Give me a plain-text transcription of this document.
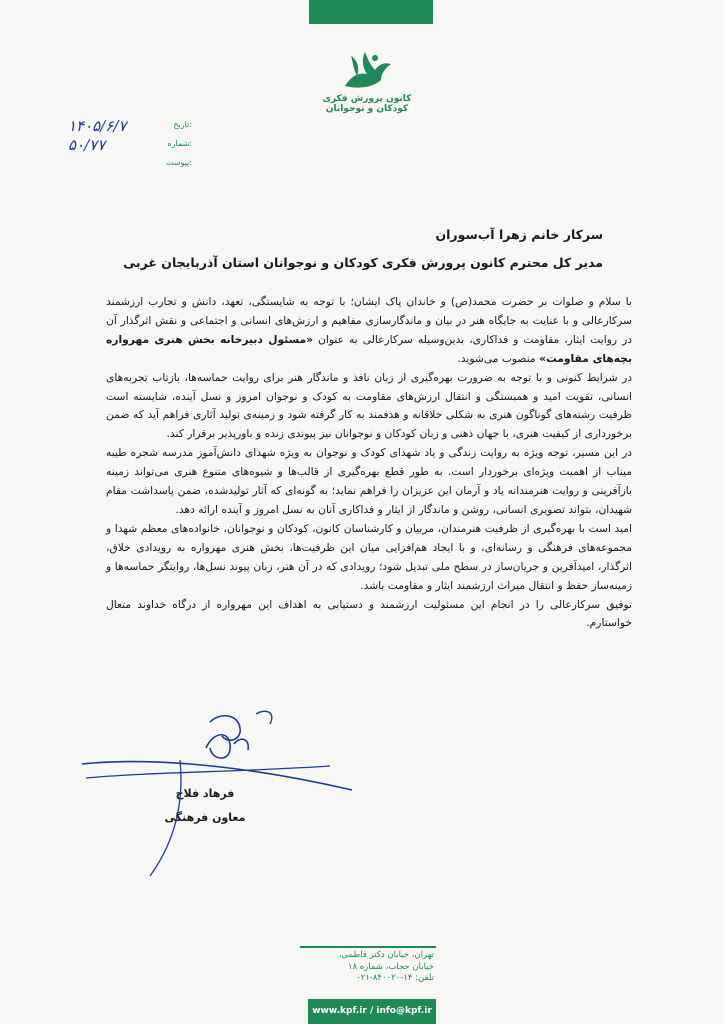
کانون پرورش فکری
کودکان و نوجوانان
۱۴۰۵/۶/۷	تاریخ:
۵۰/۷۷	شماره:
پیوست:
سرکار خانم زهرا آب‌سوران
مدیر کل محترم کانون پرورش فکری کودکان و نوجوانان استان آذربایجان غربی

با سلام و صلوات بر حضرت محمد(ص) و خاندان پاک ایشان؛ با توجه به شایستگی، تعهد، دانش و تجارب ارزشمند سرکارعالی و با عنایت به جایگاه هنر در بیان و ماندگارسازی مفاهیم و ارزش‌های انسانی و اجتماعی و نقش اثرگذار آن در روایت ایثار، مقاومت و فداکاری، بدین‌وسیله سرکارعالی به عنوان «مسئول دبیرخانه بخش هنری مهرواره بچه‌های مقاومت» منصوب می‌شوید.

در شرایط کنونی و با توجه به ضرورت بهره‌گیری از زبان نافذ و ماندگار هنر برای روایت حماسه‌ها، بازتاب تجربه‌های انسانی، تقویت امید و همبستگی و انتقال ارزش‌های مقاومت به کودک و نوجوان امروز و نسل آینده، شایسته است ظرفیت رشته‌های گوناگون هنری به شکلی خلاقانه و هدفمند به کار گرفته شود و زمینه‌ی تولید آثاری فراهم آید که ضمن برخورداری از کیفیت هنری، با جهان ذهنی و زبان کودکان و نوجوانان نیز پیوندی زنده و باورپذیر برقرار کند.

در این مسیر، توجه ویژه به روایت زندگی و یاد شهدای کودک و نوجوان به ویژه شهدای دانش‌آموز مدرسه شجره طیبه میناب از اهمیت ویژه‌ای برخوردار است. به طور قطع بهره‌گیری از قالب‌ها و شیوه‌های متنوع هنری می‌تواند زمینه بازآفرینی و روایت هنرمندانه یاد و آرمان این عزیزان را فراهم نماید؛ به گونه‌ای که آثار تولیدشده، ضمن پاسداشت مقام شهیدان، بتواند تصویری انسانی، روشن و ماندگار از ایثار و فداکاری آنان به نسل امروز و آینده ارائه دهد.

امید است با بهره‌گیری از ظرفیت هنرمندان، مربیان و کارشناسان کانون، کودکان و نوجوانان، خانواده‌های معظم شهدا و مجموعه‌های فرهنگی و رسانه‌ای، و با ایجاد هم‌افزایی میان این ظرفیت‌ها، بخش هنری مهرواره به رویدادی خلاق، اثرگذار، امیدآفرین و جریان‌ساز در سطح ملی تبدیل شود؛ رویدادی که در آن هنر، زبان پیوند نسل‌ها، روایتگر حماسه‌ها و زمینه‌ساز حفظ و انتقال میراث ارزشمند ایثار و مقاومت باشد.

توفیق سرکارعالی را در انجام این مسئولیت ارزشمند و دستیابی به اهداف این مهرواره از درگاه خداوند متعال خواستارم.

فرهاد فلاح
معاون فرهنگی
تهران، خیابان دکتر فاطمی،
خیابان حجاب، شماره ۱۸
تلفن: ۱۴-۸۴۰۰۲۰-۰۲۱
www.kpf.ir / info@kpf.ir
